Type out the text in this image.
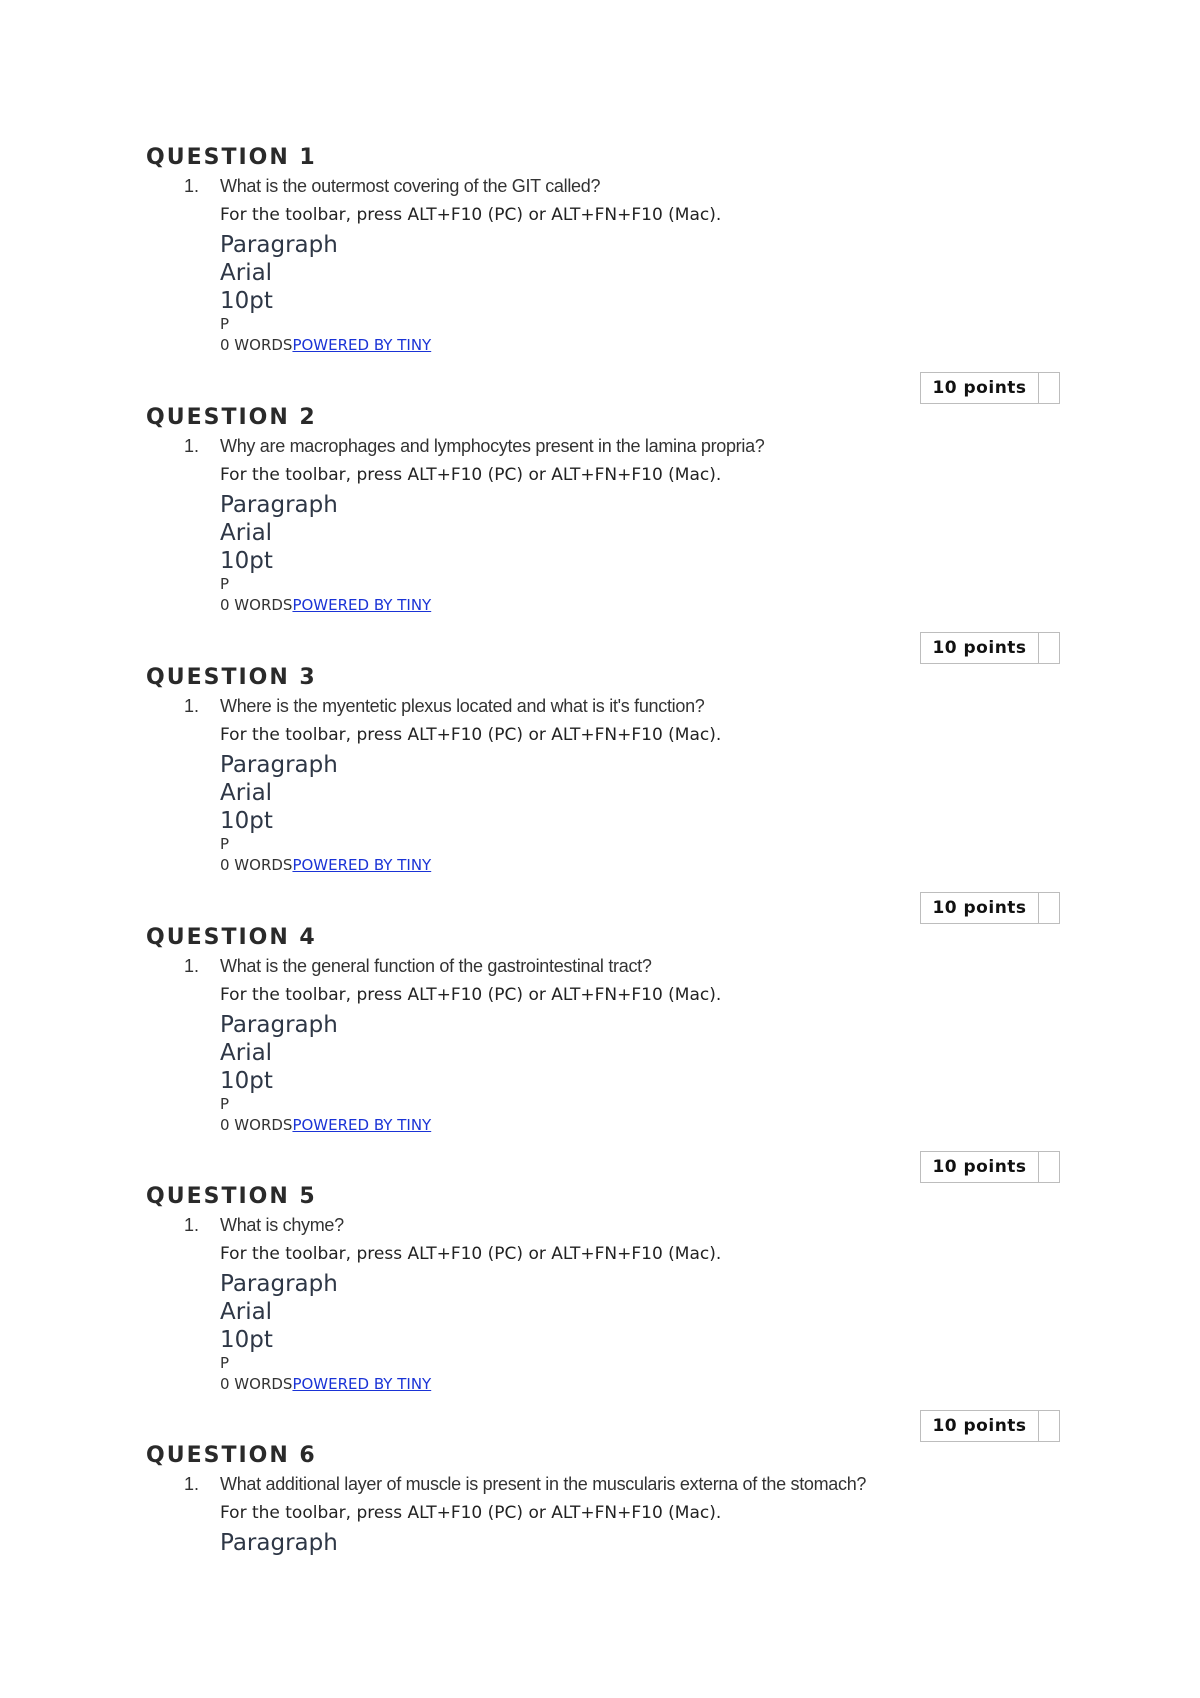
QUESTION 1
1. What is the outermost covering of the GIT called?
For the toolbar, press ALT+F10 (PC) or ALT+FN+F10 (Mac).
Paragraph
Arial
10pt
P
0 WORDSPOWERED BY TINY
10 points
QUESTION 2
1. Why are macrophages and lymphocytes present in the lamina propria?
For the toolbar, press ALT+F10 (PC) or ALT+FN+F10 (Mac).
Paragraph
Arial
10pt
P
0 WORDSPOWERED BY TINY
10 points
QUESTION 3
1. Where is the myentetic plexus located and what is it's function?
For the toolbar, press ALT+F10 (PC) or ALT+FN+F10 (Mac).
Paragraph
Arial
10pt
P
0 WORDSPOWERED BY TINY
10 points
QUESTION 4
1. What is the general function of the gastrointestinal tract?
For the toolbar, press ALT+F10 (PC) or ALT+FN+F10 (Mac).
Paragraph
Arial
10pt
P
0 WORDSPOWERED BY TINY
10 points
QUESTION 5
1. What is chyme?
For the toolbar, press ALT+F10 (PC) or ALT+FN+F10 (Mac).
Paragraph
Arial
10pt
P
0 WORDSPOWERED BY TINY
10 points
QUESTION 6
1. What additional layer of muscle is present in the muscularis externa of the stomach?
For the toolbar, press ALT+F10 (PC) or ALT+FN+F10 (Mac).
Paragraph
